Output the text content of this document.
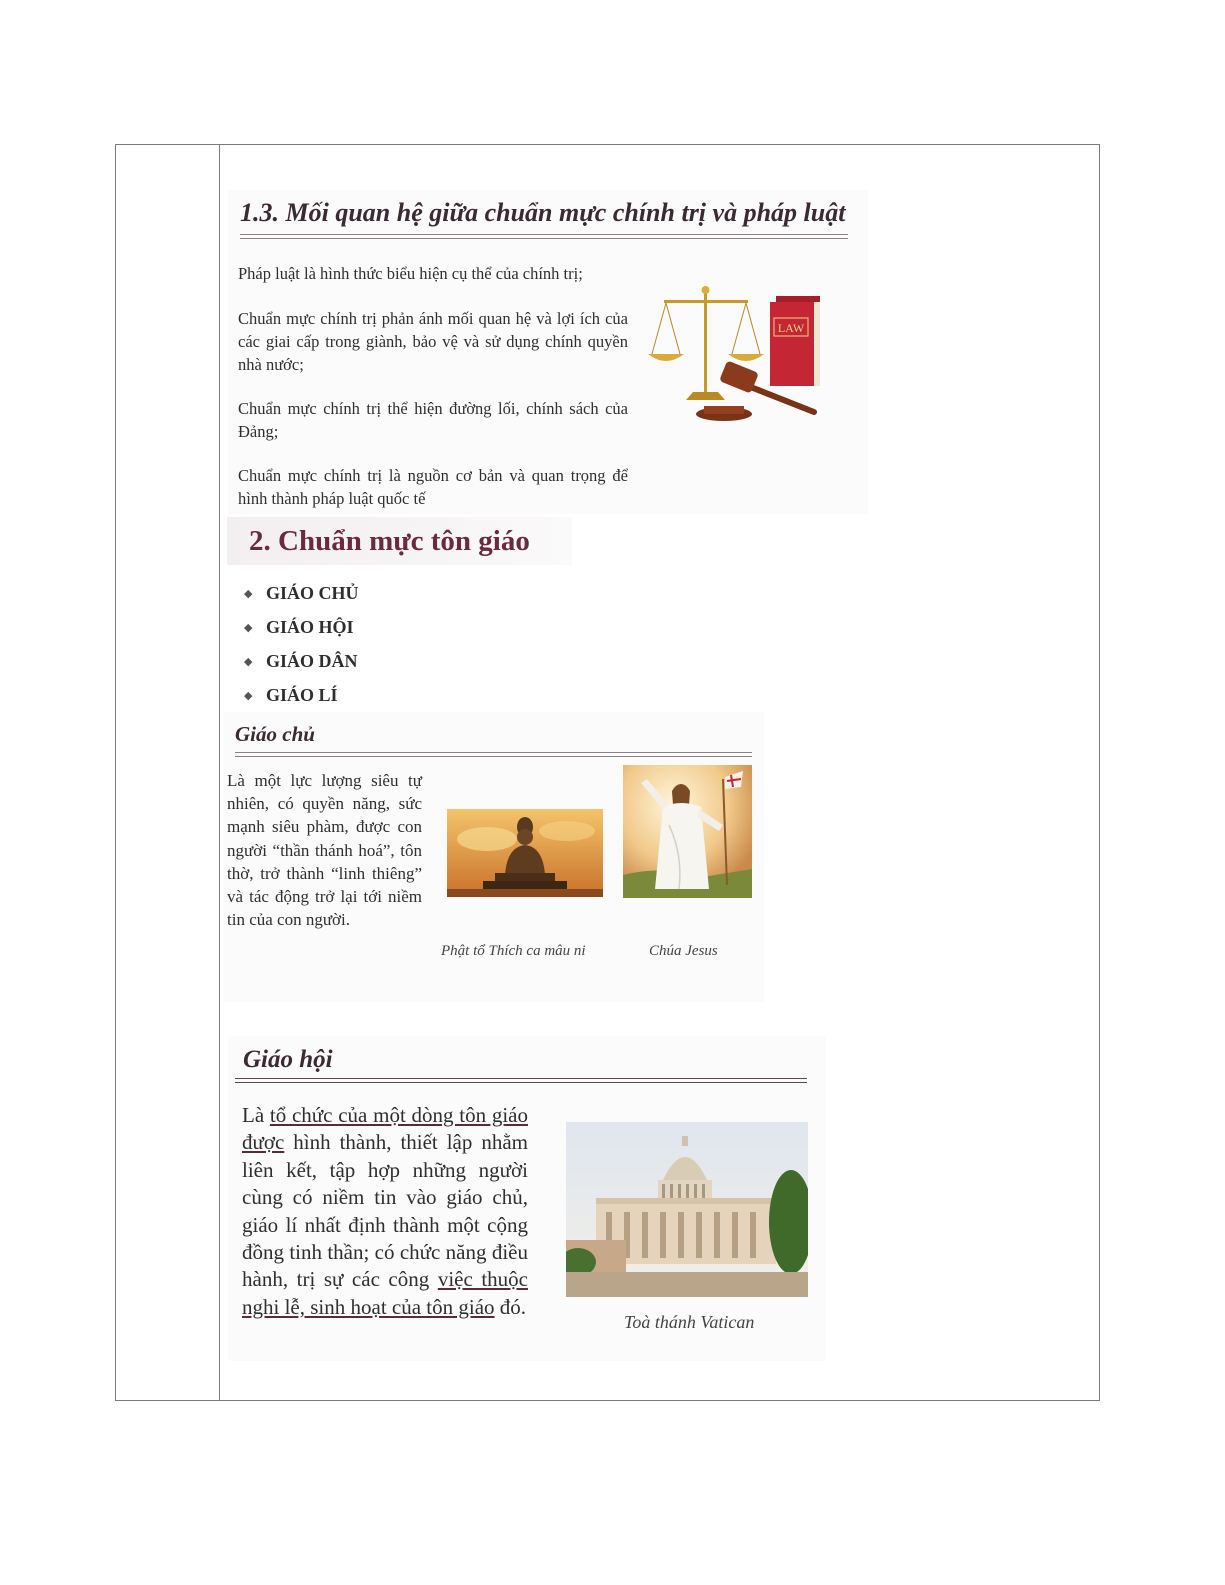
1.3. Mối quan hệ giữa chuẩn mực chính trị và pháp luật

Pháp luật là hình thức biểu hiện cụ thể của chính trị;

Chuẩn mực chính trị phản ánh mối quan hệ và lợi ích của các giai cấp trong giành, bảo vệ và sử dụng chính quyền nhà nước;

Chuẩn mực chính trị thể hiện đường lối, chính sách của Đảng;

Chuẩn mực chính trị là nguồn cơ bản và quan trọng để hình thành pháp luật quốc tế

LAW
2. Chuẩn mực tôn giáo
◆ GIÁO CHỦ
◆ GIÁO HỘI
◆ GIÁO DÂN
◆ GIÁO LÍ
Giáo chủ

Là một lực lượng siêu tự nhiên, có quyền năng, sức mạnh siêu phàm, được con người “thần thánh hoá”, tôn thờ, trở thành “linh thiêng” và tác động trở lại tới niềm tin của con người.

Phật tổ Thích ca mâu ni	Chúa Jesus

Giáo hội

Là tổ chức của một dòng tôn giáo được hình thành, thiết lập nhằm liên kết, tập hợp những người cùng có niềm tin vào giáo chủ, giáo lí nhất định thành một cộng đồng tinh thần; có chức năng điều hành, trị sự các công việc thuộc nghi lễ, sinh hoạt của tôn giáo đó.

Toà thánh Vatican
